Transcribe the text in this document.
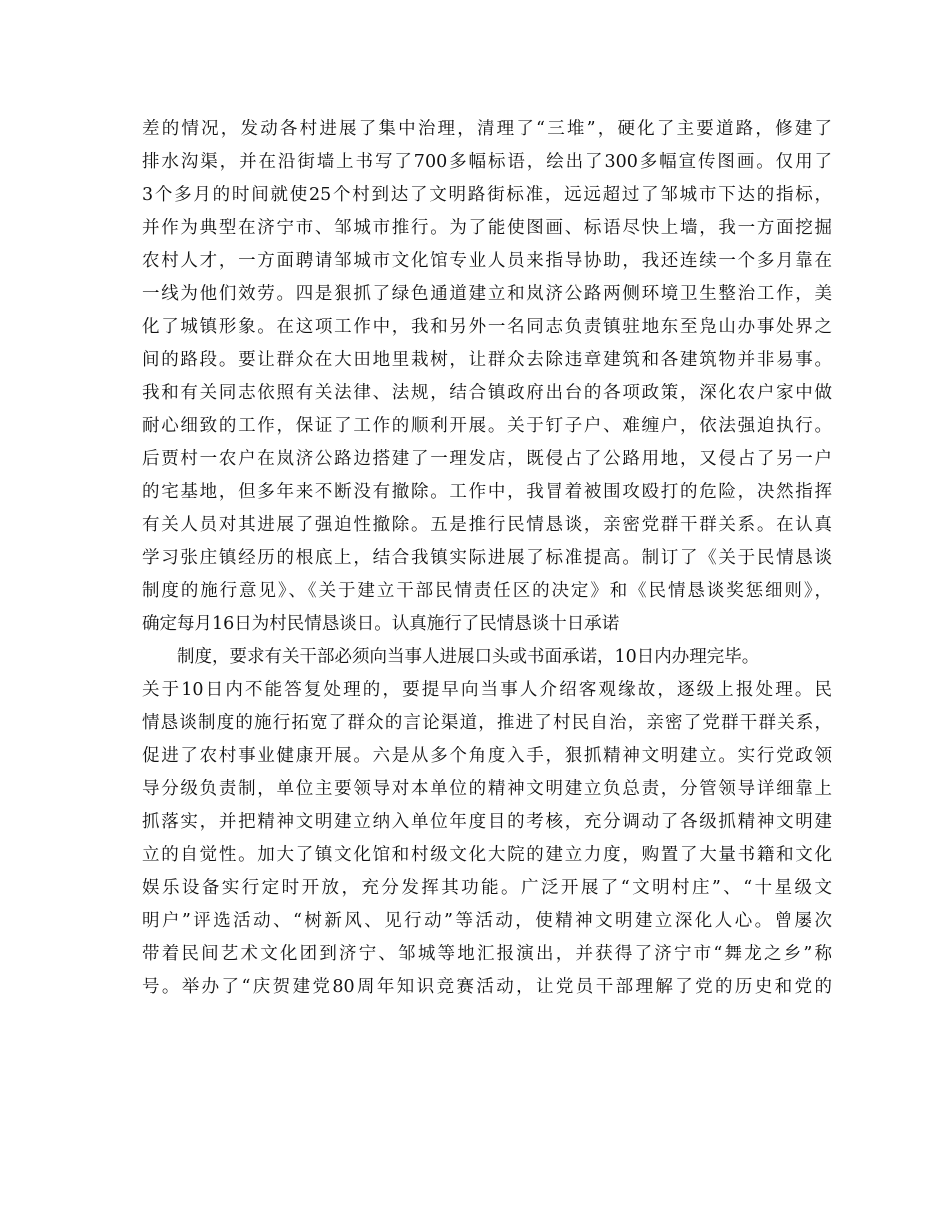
差的情况，发动各村进展了集中治理，清理了“三堆”，硬化了主要道路，修建了
排水沟渠，并在沿街墙上书写了700多幅标语，绘出了300多幅宣传图画。仅用了
3个多月的时间就使25个村到达了文明路街标准，远远超过了邹城市下达的指标，
并作为典型在济宁市、邹城市推行。为了能使图画、标语尽快上墙，我一方面挖掘
农村人才，一方面聘请邹城市文化馆专业人员来指导协助，我还连续一个多月靠在
一线为他们效劳。四是狠抓了绿色通道建立和岚济公路两侧环境卫生整治工作，美
化了城镇形象。在这项工作中，我和另外一名同志负责镇驻地东至凫山办事处界之
间的路段。要让群众在大田地里栽树，让群众去除违章建筑和各建筑物并非易事。
我和有关同志依照有关法律、法规，结合镇政府出台的各项政策，深化农户家中做
耐心细致的工作，保证了工作的顺利开展。关于钉子户、难缠户，依法强迫执行。
后贾村一农户在岚济公路边搭建了一理发店，既侵占了公路用地，又侵占了另一户
的宅基地，但多年来不断没有撤除。工作中，我冒着被围攻殴打的危险，决然指挥
有关人员对其进展了强迫性撤除。五是推行民情恳谈，亲密党群干群关系。在认真
学习张庄镇经历的根底上，结合我镇实际进展了标准提高。制订了《关于民情恳谈
制度的施行意见》、《关于建立干部民情责任区的决定》和《民情恳谈奖惩细则》，
确定每月16日为村民情恳谈日。认真施行了民情恳谈十日承诺
制度，要求有关干部必须向当事人进展口头或书面承诺，10日内办理完毕。
关于10日内不能答复处理的，要提早向当事人介绍客观缘故，逐级上报处理。民
情恳谈制度的施行拓宽了群众的言论渠道，推进了村民自治，亲密了党群干群关系，
促进了农村事业健康开展。六是从多个角度入手，狠抓精神文明建立。实行党政领
导分级负责制，单位主要领导对本单位的精神文明建立负总责，分管领导详细靠上
抓落实，并把精神文明建立纳入单位年度目的考核，充分调动了各级抓精神文明建
立的自觉性。加大了镇文化馆和村级文化大院的建立力度，购置了大量书籍和文化
娱乐设备实行定时开放，充分发挥其功能。广泛开展了“文明村庄”、“十星级文
明户”评选活动、“树新风、见行动”等活动，使精神文明建立深化人心。曾屡次
带着民间艺术文化团到济宁、邹城等地汇报演出，并获得了济宁市“舞龙之乡”称
号。举办了“庆贺建党80周年知识竞赛活动，让党员干部理解了党的历史和党的
